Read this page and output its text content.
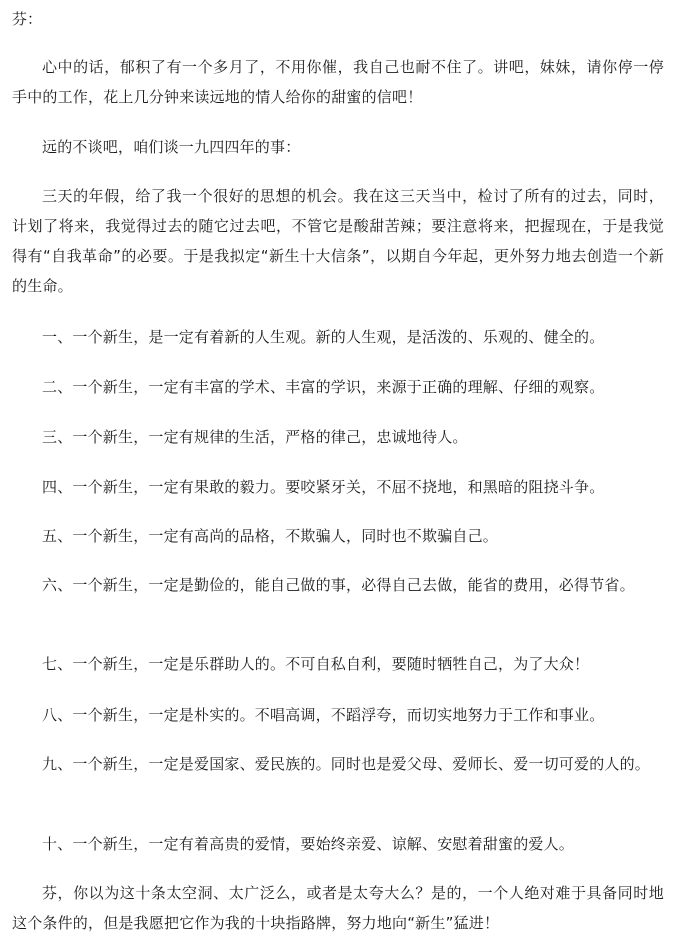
芬：

心中的话，郁积了有一个多月了，不用你催，我自己也耐不住了。讲吧，妹妹，请你停一停手中的工作，花上几分钟来读远地的情人给你的甜蜜的信吧！

远的不谈吧，咱们谈一九四四年的事：

三天的年假，给了我一个很好的思想的机会。我在这三天当中，检讨了所有的过去，同时，计划了将来，我觉得过去的随它过去吧，不管它是酸甜苦辣；要注意将来，把握现在，于是我觉得有“自我革命”的必要。于是我拟定“新生十大信条”，以期自今年起，更外努力地去创造一个新的生命。

一、一个新生，是一定有着新的人生观。新的人生观，是活泼的、乐观的、健全的。

二、一个新生，一定有丰富的学术、丰富的学识，来源于正确的理解、仔细的观察。

三、一个新生，一定有规律的生活，严格的律己，忠诚地待人。

四、一个新生，一定有果敢的毅力。要咬紧牙关，不屈不挠地，和黑暗的阻挠斗争。

五、一个新生，一定有高尚的品格，不欺骗人，同时也不欺骗自己。

六、一个新生，一定是勤俭的，能自己做的事，必得自己去做，能省的费用，必得节省。

七、一个新生，一定是乐群助人的。不可自私自利，要随时牺牲自己，为了大众！

八、一个新生，一定是朴实的。不唱高调，不蹈浮夸，而切实地努力于工作和事业。

九、一个新生，一定是爱国家、爱民族的。同时也是爱父母、爱师长、爱一切可爱的人的。

十、一个新生，一定有着高贵的爱情，要始终亲爱、谅解、安慰着甜蜜的爱人。

芬，你以为这十条太空洞、太广泛么，或者是太夸大么？是的，一个人绝对难于具备同时地这个条件的，但是我愿把它作为我的十块指路牌，努力地向“新生”猛进！
